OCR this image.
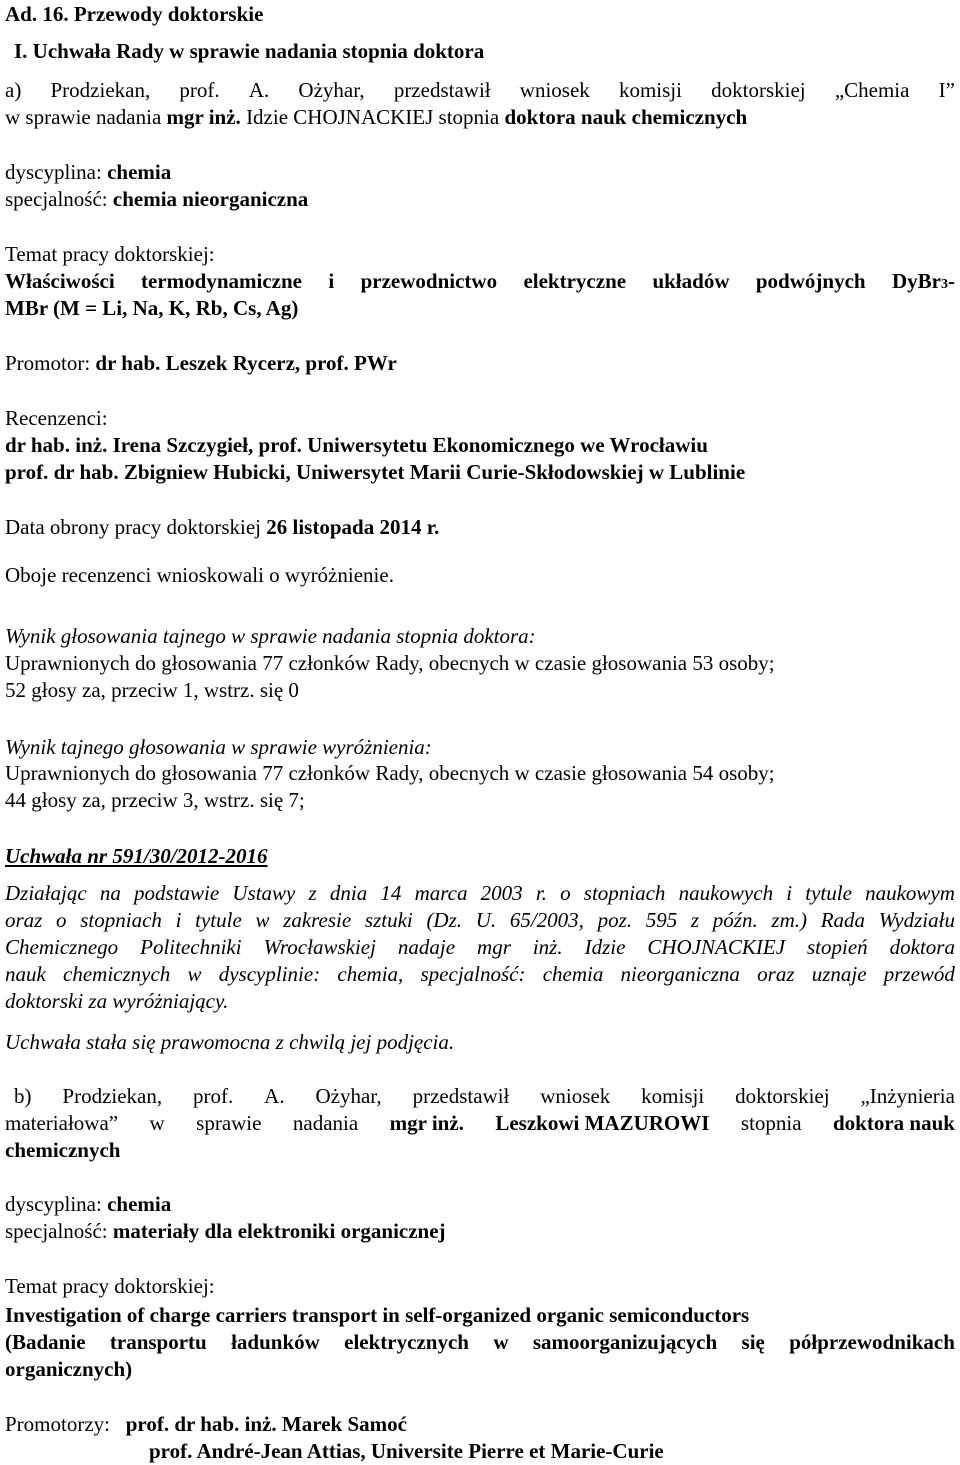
Ad. 16. Przewody doktorskie
I. Uchwała Rady w sprawie nadania stopnia doktora
a) Prodziekan, prof. A. Ożyhar, przedstawił wniosek komisji doktorskiej „Chemia I”
w sprawie nadania mgr inż. Idzie CHOJNACKIEJ stopnia doktora nauk chemicznych
dyscyplina: chemia
specjalność: chemia nieorganiczna
Temat pracy doktorskiej:
Właściwości termodynamiczne i przewodnictwo elektryczne układów podwójnych DyBr3-
MBr (M = Li, Na, K, Rb, Cs, Ag)
Promotor: dr hab. Leszek Rycerz, prof. PWr
Recenzenci:
dr hab. inż. Irena Szczygieł, prof. Uniwersytetu Ekonomicznego we Wrocławiu
prof. dr hab. Zbigniew Hubicki, Uniwersytet Marii Curie-Skłodowskiej w Lublinie
Data obrony pracy doktorskiej 26 listopada 2014 r.
Oboje recenzenci wnioskowali o wyróżnienie.
Wynik głosowania tajnego w sprawie nadania stopnia doktora:
Uprawnionych do głosowania 77 członków Rady, obecnych w czasie głosowania 53 osoby;
52 głosy za, przeciw 1, wstrz. się 0
Wynik tajnego głosowania w sprawie wyróżnienia:
Uprawnionych do głosowania 77 członków Rady, obecnych w czasie głosowania 54 osoby;
44 głosy za, przeciw 3, wstrz. się 7;
Uchwała nr 591/30/2012-2016
Działając na podstawie Ustawy z dnia 14 marca 2003 r. o stopniach naukowych i tytule naukowym
oraz o stopniach i tytule w zakresie sztuki (Dz. U. 65/2003, poz. 595 z późn. zm.) Rada Wydziału
Chemicznego Politechniki Wrocławskiej nadaje mgr inż. Idzie CHOJNACKIEJ stopień doktora
nauk chemicznych w dyscyplinie: chemia, specjalność: chemia nieorganiczna oraz uznaje przewód
doktorski za wyróżniający.
Uchwała stała się prawomocna z chwilą jej podjęcia.
b) Prodziekan, prof. A. Ożyhar, przedstawił wniosek komisji doktorskiej „Inżynieria
materiałowa” w sprawie nadania mgr inż. Leszkowi MAZUROWI stopnia doktora nauk
chemicznych
dyscyplina: chemia
specjalność: materiały dla elektroniki organicznej
Temat pracy doktorskiej:
Investigation of charge carriers transport in self-organized organic semiconductors
(Badanie transportu ładunków elektrycznych w samoorganizujących się półprzewodnikach
organicznych)
Promotorzy: prof. dr hab. inż. Marek Samoć
prof. André-Jean Attias, Universite Pierre et Marie-Curie
